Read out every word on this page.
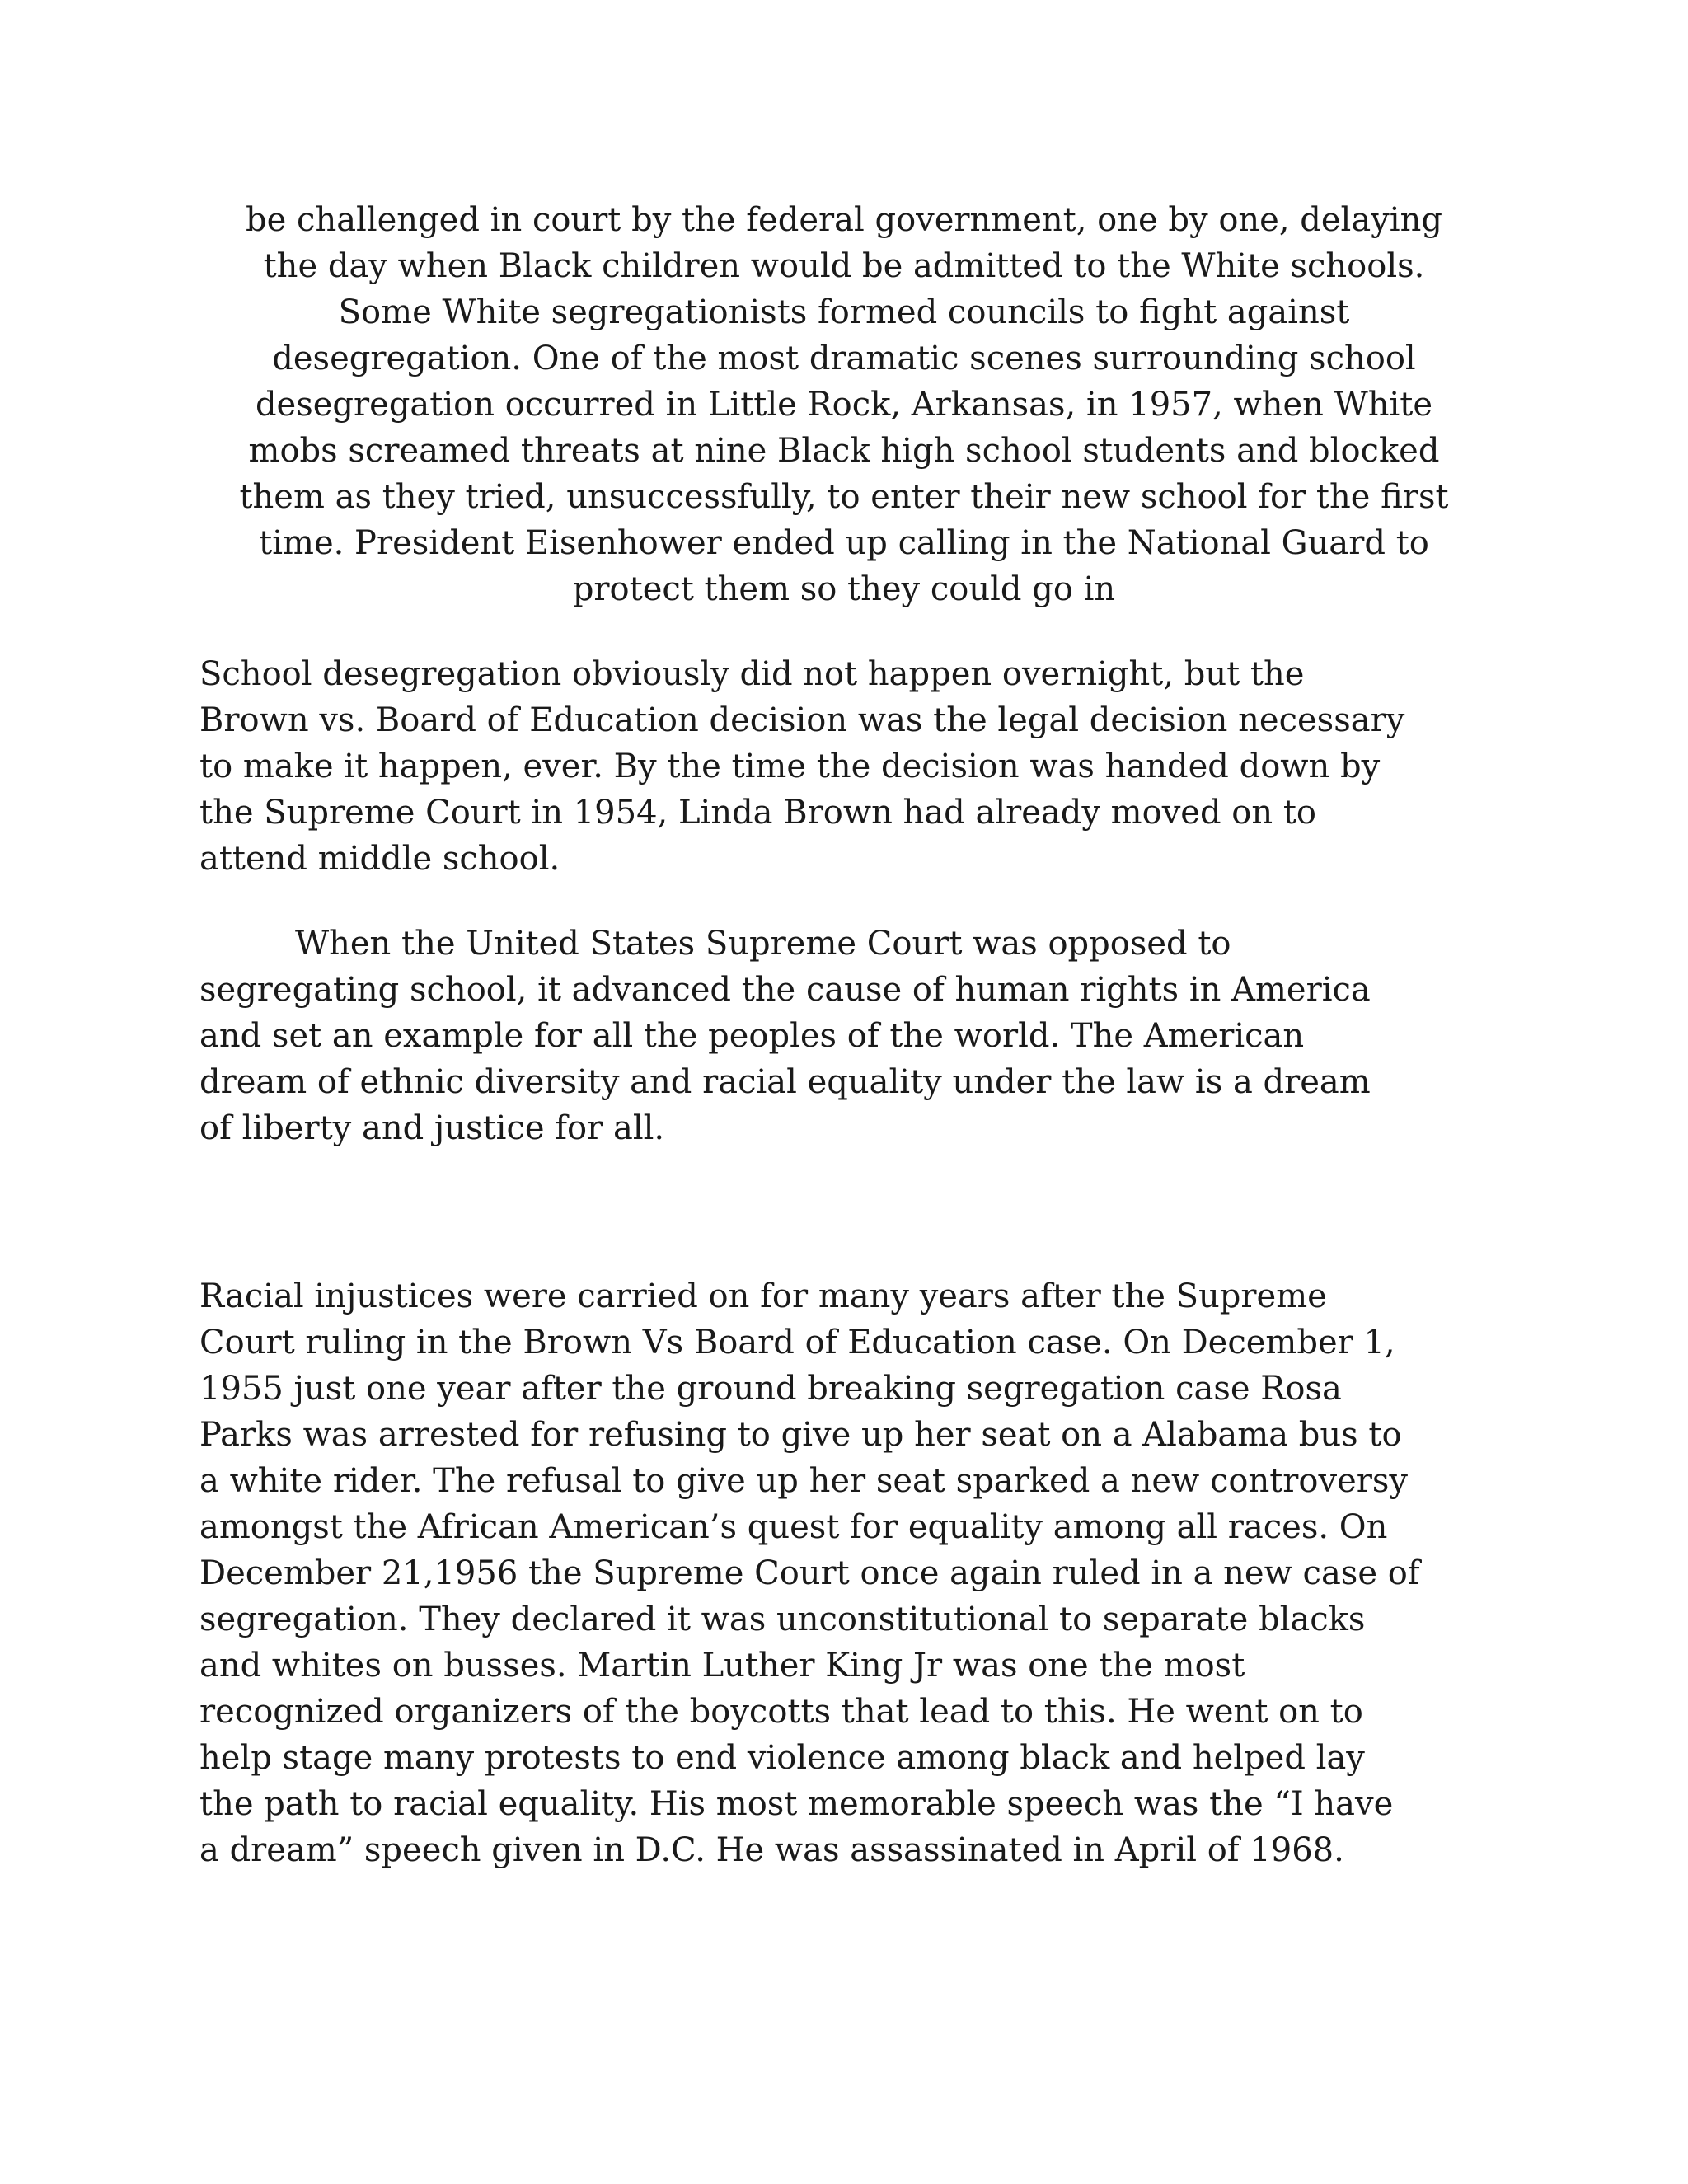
be challenged in court by the federal government, one by one, delaying
the day when Black children would be admitted to the White schools.
Some White segregationists formed councils to fight against
desegregation. One of the most dramatic scenes surrounding school
desegregation occurred in Little Rock, Arkansas, in 1957, when White
mobs screamed threats at nine Black high school students and blocked
them as they tried, unsuccessfully, to enter their new school for the first
time. President Eisenhower ended up calling in the National Guard to
protect them so they could go in
School desegregation obviously did not happen overnight, but the
Brown vs. Board of Education decision was the legal decision necessary
to make it happen, ever. By the time the decision was handed down by
the Supreme Court in 1954, Linda Brown had already moved on to
attend middle school.
When the United States Supreme Court was opposed to
segregating school, it advanced the cause of human rights in America
and set an example for all the peoples of the world. The American
dream of ethnic diversity and racial equality under the law is a dream
of liberty and justice for all.
Racial injustices were carried on for many years after the Supreme
Court ruling in the Brown Vs Board of Education case. On December 1,
1955 just one year after the ground breaking segregation case Rosa
Parks was arrested for refusing to give up her seat on a Alabama bus to
a white rider. The refusal to give up her seat sparked a new controversy
amongst the African American’s quest for equality among all races. On
December 21,1956 the Supreme Court once again ruled in a new case of
segregation. They declared it was unconstitutional to separate blacks
and whites on busses. Martin Luther King Jr was one the most
recognized organizers of the boycotts that lead to this. He went on to
help stage many protests to end violence among black and helped lay
the path to racial equality. His most memorable speech was the “I have
a dream” speech given in D.C. He was assassinated in April of 1968.
